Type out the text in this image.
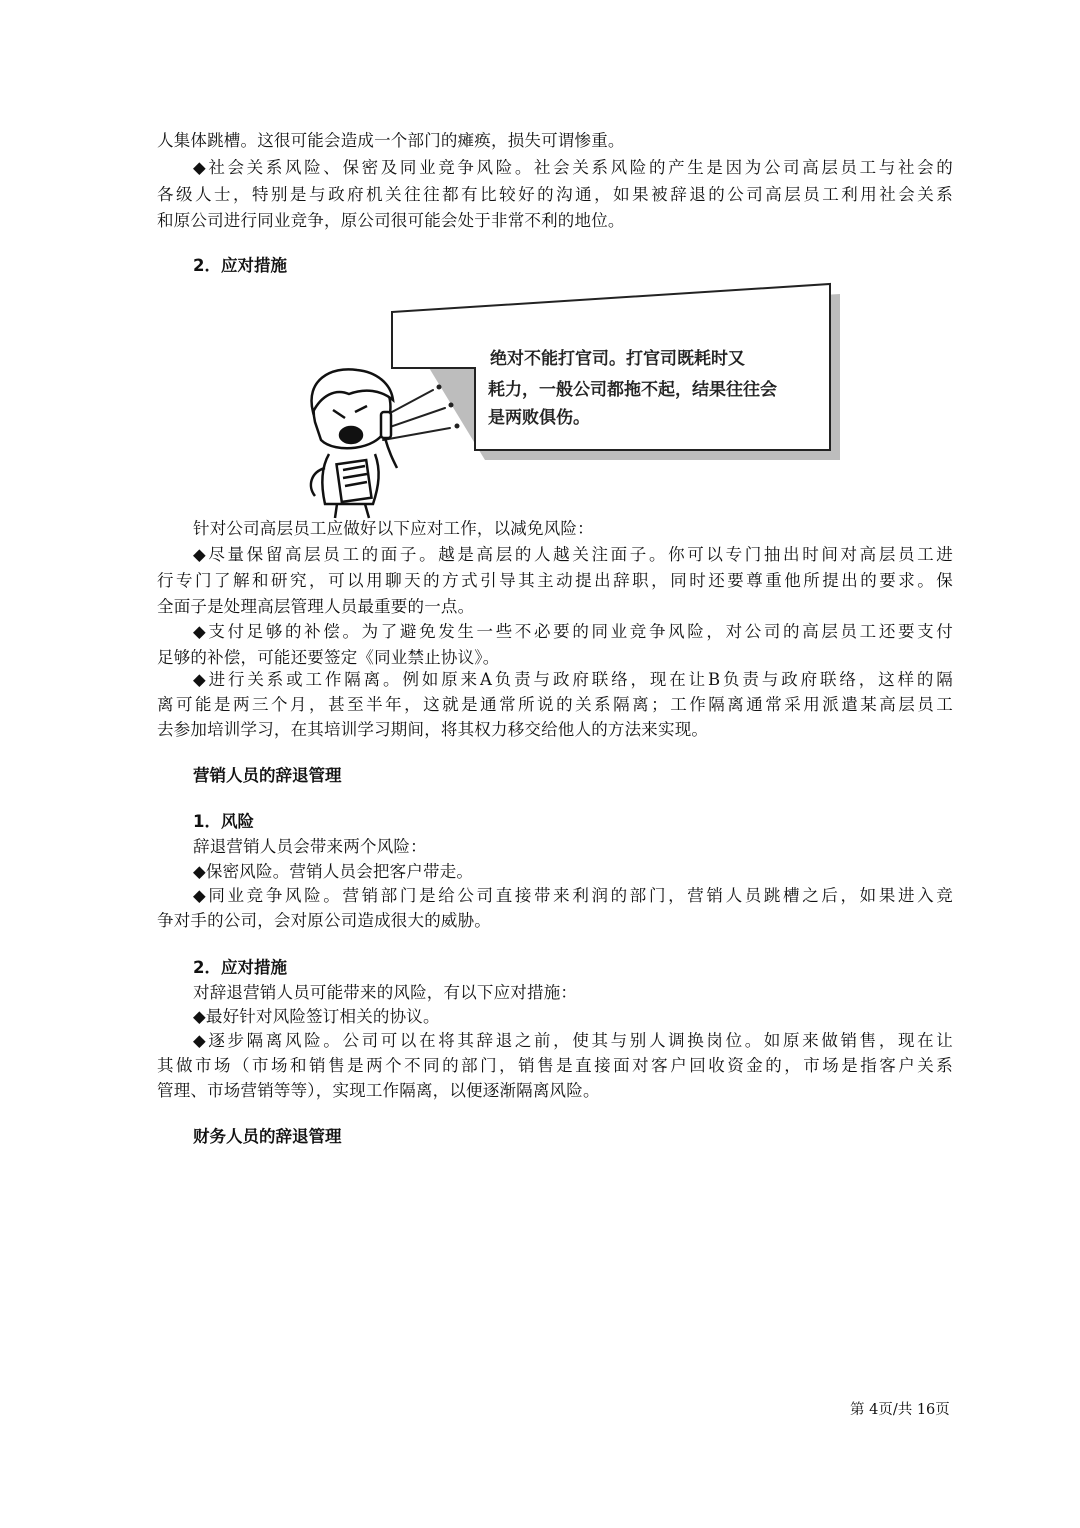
人集体跳槽。这很可能会造成一个部门的瘫痪，损失可谓惨重。
◆社会关系风险、保密及同业竞争风险。社会关系风险的产生是因为公司高层员工与社会的
各级人士，特别是与政府机关往往都有比较好的沟通，如果被辞退的公司高层员工利用社会关系
和原公司进行同业竞争，原公司很可能会处于非常不利的地位。
2．应对措施
绝对不能打官司。打官司既耗时又
耗力，一般公司都拖不起，结果往往会
是两败俱伤。
针对公司高层员工应做好以下应对工作，以减免风险：
◆尽量保留高层员工的面子。越是高层的人越关注面子。你可以专门抽出时间对高层员工进
行专门了解和研究，可以用聊天的方式引导其主动提出辞职，同时还要尊重他所提出的要求。保
全面子是处理高层管理人员最重要的一点。
◆支付足够的补偿。为了避免发生一些不必要的同业竞争风险，对公司的高层员工还要支付
足够的补偿，可能还要签定《同业禁止协议》。
◆进行关系或工作隔离。例如原来A负责与政府联络，现在让B负责与政府联络，这样的隔
离可能是两三个月，甚至半年，这就是通常所说的关系隔离；工作隔离通常采用派遣某高层员工
去参加培训学习，在其培训学习期间，将其权力移交给他人的方法来实现。
营销人员的辞退管理
1．风险
辞退营销人员会带来两个风险：
◆保密风险。营销人员会把客户带走。
◆同业竞争风险。营销部门是给公司直接带来利润的部门，营销人员跳槽之后，如果进入竞
争对手的公司，会对原公司造成很大的威胁。
2．应对措施
对辞退营销人员可能带来的风险，有以下应对措施：
◆最好针对风险签订相关的协议。
◆逐步隔离风险。公司可以在将其辞退之前，使其与别人调换岗位。如原来做销售，现在让
其做市场（市场和销售是两个不同的部门，销售是直接面对客户回收资金的，市场是指客户关系
管理、市场营销等等），实现工作隔离，以便逐渐隔离风险。
财务人员的辞退管理
第 4页/共 16页
